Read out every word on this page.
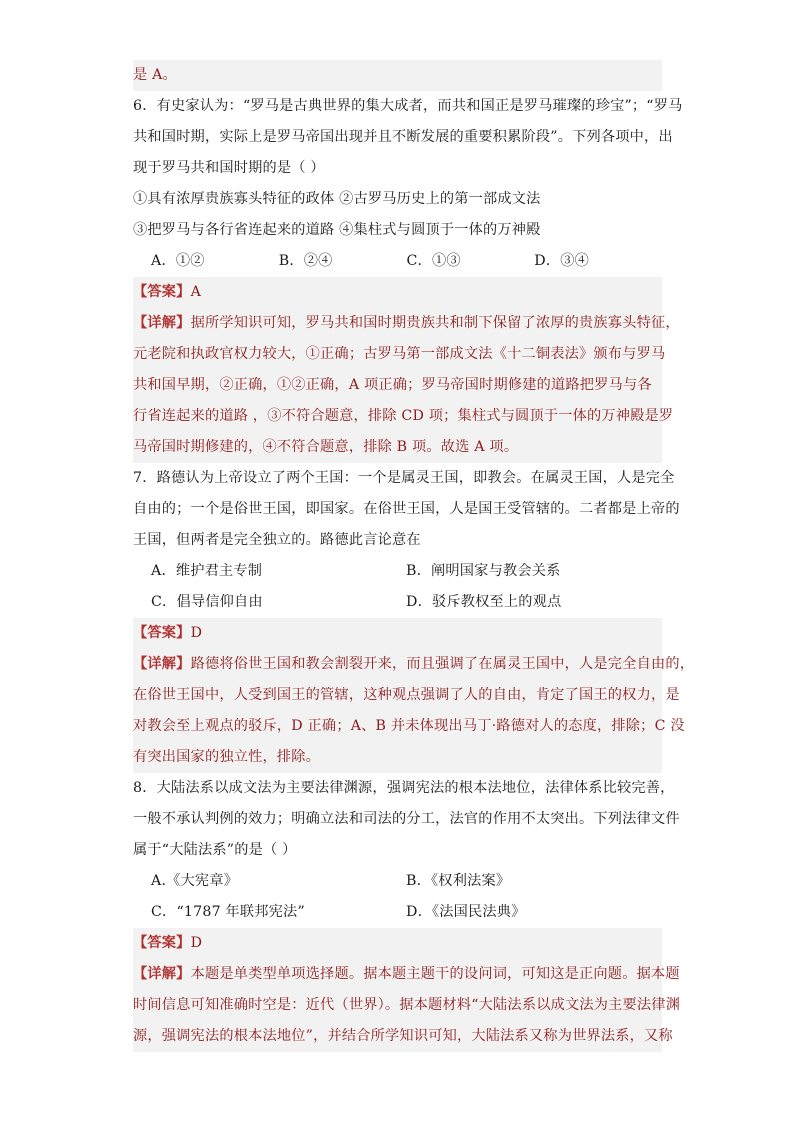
是 A。
6．有史家认为：“罗马是古典世界的集大成者，而共和国正是罗马璀璨的珍宝”；“罗马
共和国时期，实际上是罗马帝国出现并且不断发展的重要积累阶段”。下列各项中，出
现于罗马共和国时期的是（ ）
①具有浓厚贵族寡头特征的政体 ②古罗马历史上的第一部成文法
③把罗马与各行省连起来的道路 ④集柱式与圆顶于一体的万神殿
A．①②	B．②④	C．①③	D．③④
【答案】A
【详解】据所学知识可知，罗马共和国时期贵族共和制下保留了浓厚的贵族寡头特征，
元老院和执政官权力较大，①正确；古罗马第一部成文法《十二铜表法》颁布与罗马
共和国早期，②正确，①②正确，A 项正确；罗马帝国时期修建的道路把罗马与各
行省连起来的道路 ，③不符合题意，排除 CD 项；集柱式与圆顶于一体的万神殿是罗
马帝国时期修建的，④不符合题意，排除 B 项。故选 A 项。
7．路德认为上帝设立了两个王国：一个是属灵王国，即教会。在属灵王国，人是完全
自由的；一个是俗世王国，即国家。在俗世王国，人是国王受管辖的。二者都是上帝的
王国，但两者是完全独立的。路德此言论意在
A．维护君主专制	B．阐明国家与教会关系
C．倡导信仰自由	D．驳斥教权至上的观点
【答案】D
【详解】路德将俗世王国和教会割裂开来，而且强调了在属灵王国中，人是完全自由的，
在俗世王国中，人受到国王的管辖，这种观点强调了人的自由，肯定了国王的权力，是
对教会至上观点的驳斥，D 正确；A、B 并未体现出马丁·路德对人的态度，排除；C 没
有突出国家的独立性，排除。
8．大陆法系以成文法为主要法律渊源，强调宪法的根本法地位，法律体系比较完善，
一般不承认判例的效力；明确立法和司法的分工，法官的作用不太突出。下列法律文件
属于“大陆法系”的是（ ）
A.《大宪章》	B．《权利法案》
C．“1787 年联邦宪法”	D．《法国民法典》
【答案】D
【详解】本题是单类型单项选择题。据本题主题干的设问词，可知这是正向题。据本题
时间信息可知准确时空是：近代（世界）。据本题材料“大陆法系以成文法为主要法律渊
源，强调宪法的根本法地位”，并结合所学知识可知，大陆法系又称为世界法系，又称
